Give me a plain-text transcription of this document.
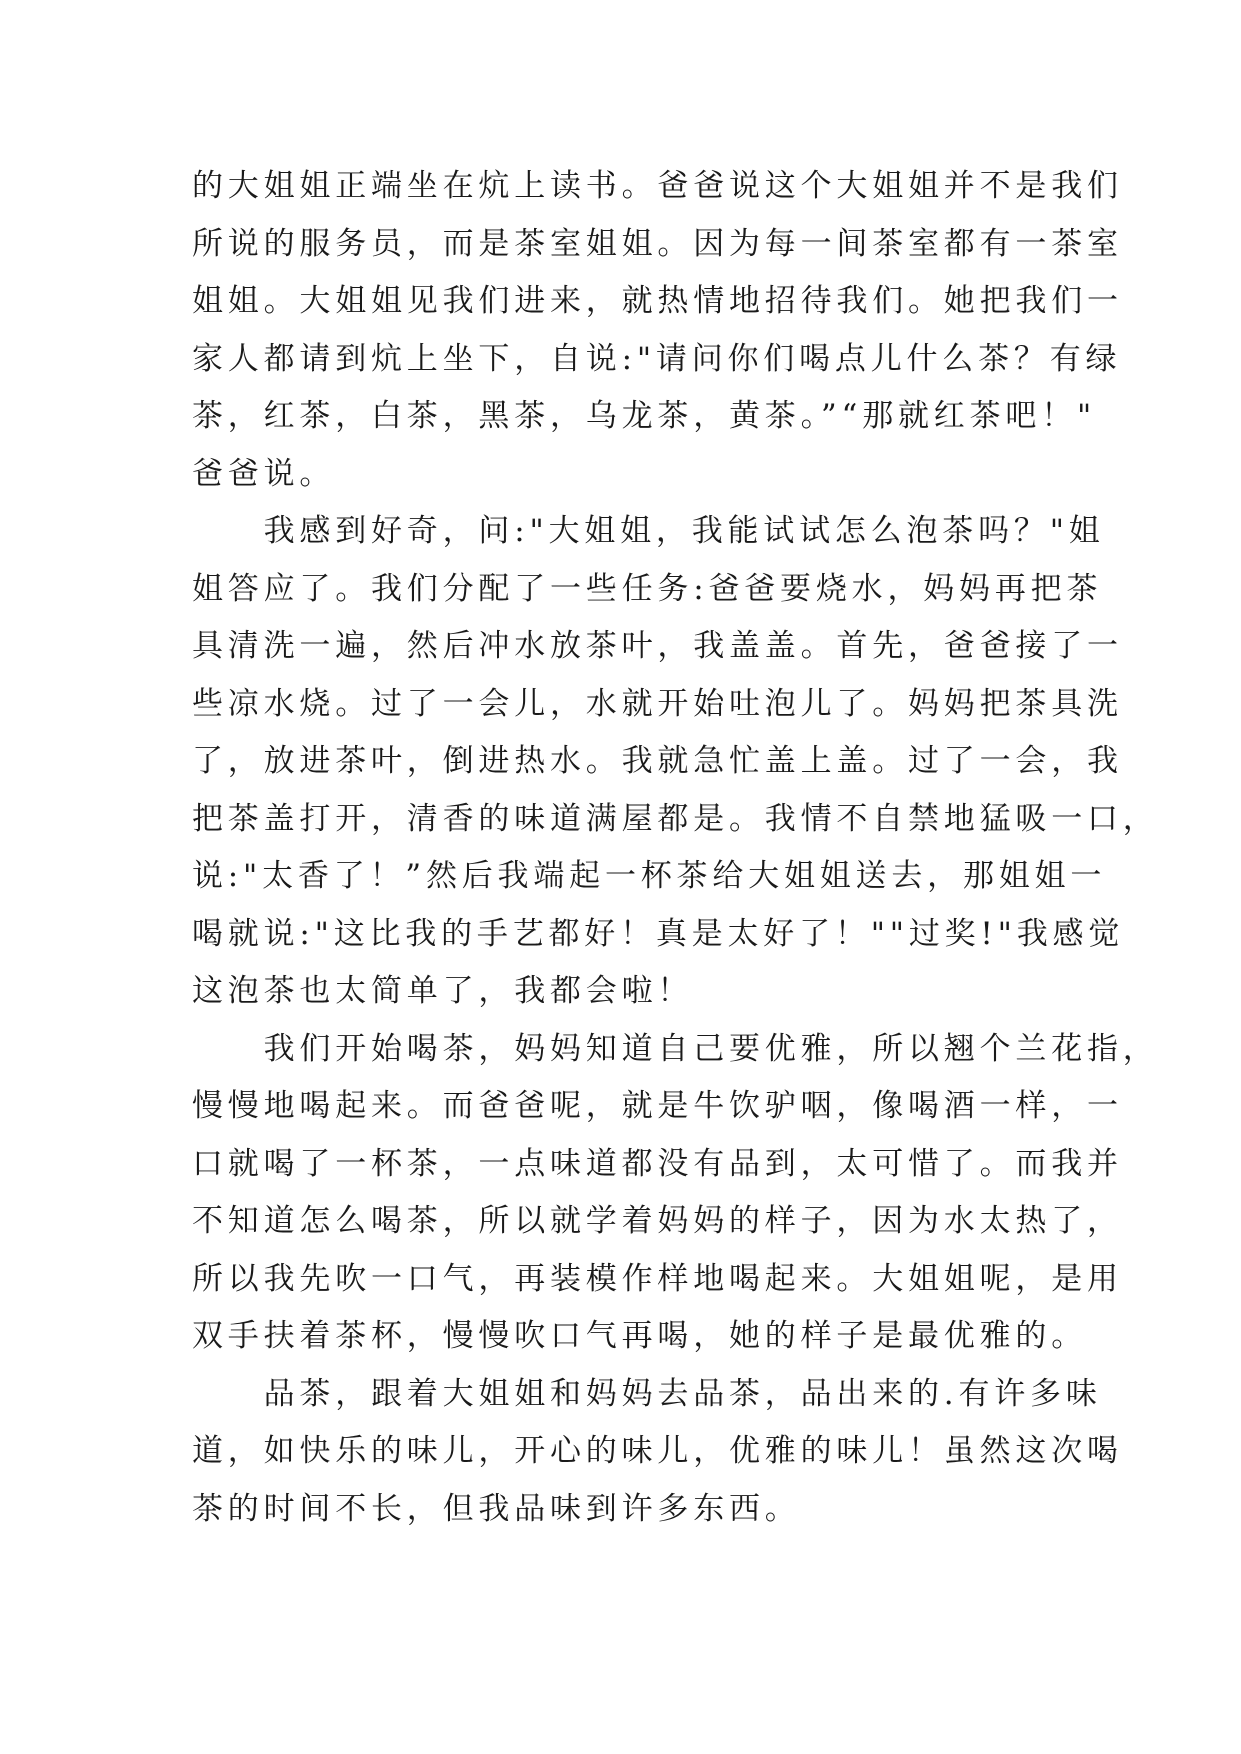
的大姐姐正端坐在炕上读书。爸爸说这个大姐姐并不是我们
所说的服务员，而是茶室姐姐。因为每一间茶室都有一茶室
姐姐。大姐姐见我们进来，就热情地招待我们。她把我们一
家人都请到炕上坐下，自说:"请问你们喝点儿什么茶？有绿
茶，红茶，白茶，黑茶，乌龙茶，黄茶。”“那就红茶吧！"
爸爸说。
　　我感到好奇，问:"大姐姐，我能试试怎么泡茶吗？"姐
姐答应了。我们分配了一些任务:爸爸要烧水，妈妈再把茶
具清洗一遍，然后冲水放茶叶，我盖盖。首先，爸爸接了一
些凉水烧。过了一会儿，水就开始吐泡儿了。妈妈把茶具洗
了，放进茶叶，倒进热水。我就急忙盖上盖。过了一会，我
把茶盖打开，清香的味道满屋都是。我情不自禁地猛吸一口，
说:"太香了！”然后我端起一杯茶给大姐姐送去，那姐姐一
喝就说:"这比我的手艺都好！真是太好了！""过奖!"我感觉
这泡茶也太简单了，我都会啦！
　　我们开始喝茶，妈妈知道自己要优雅，所以翘个兰花指，
慢慢地喝起来。而爸爸呢，就是牛饮驴咽，像喝酒一样，一
口就喝了一杯茶，一点味道都没有品到，太可惜了。而我并
不知道怎么喝茶，所以就学着妈妈的样子，因为水太热了，
所以我先吹一口气，再装模作样地喝起来。大姐姐呢，是用
双手扶着茶杯，慢慢吹口气再喝，她的样子是最优雅的。
　　品茶，跟着大姐姐和妈妈去品茶，品出来的.有许多味
道，如快乐的味儿，开心的味儿，优雅的味儿！虽然这次喝
茶的时间不长，但我品味到许多东西。
